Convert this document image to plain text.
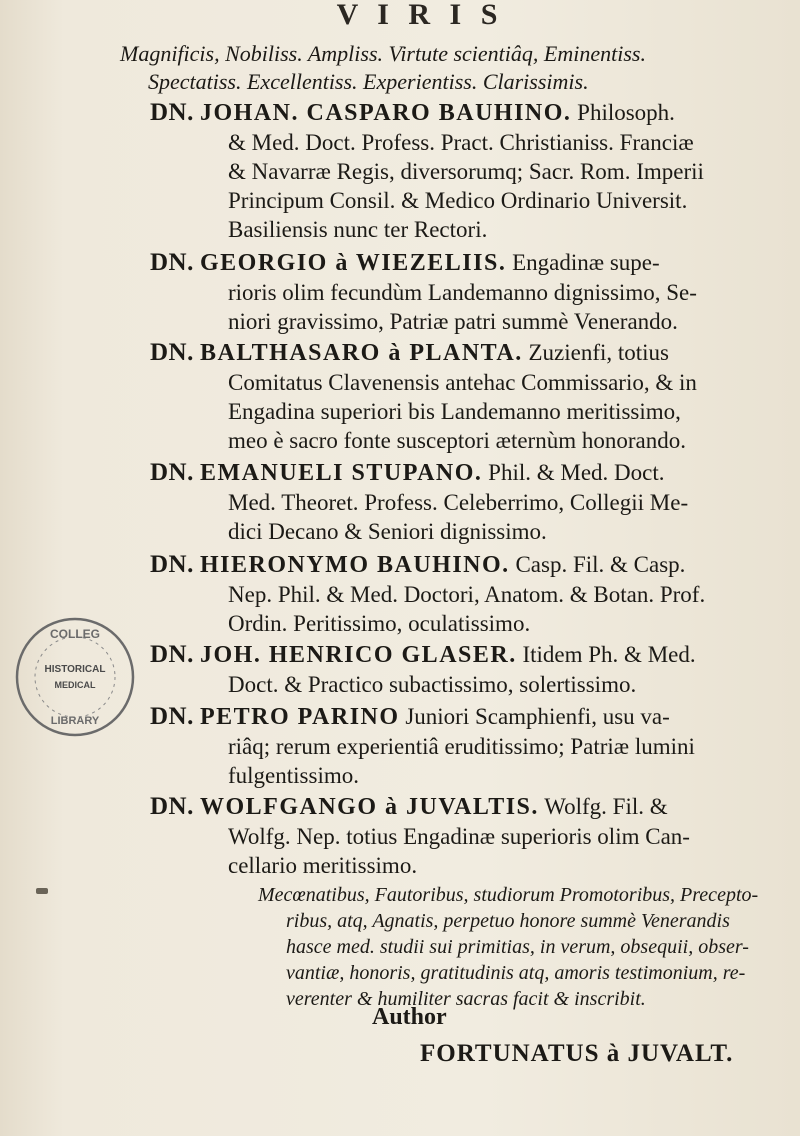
V I R I S
Magnificis, Nobiliss. Ampliss. Virtute scientiâq, Eminentiss.
Spectatiss. Excellentiss. Experientiss. Clarissimis.
DN. JOHAN. CASPARO BAUHINO. Philosoph.
& Med. Doct. Profess. Pract. Christianiss. Franciæ
& Navarræ Regis, diversorumq; Sacr. Rom. Imperii
Principum Consil. & Medico Ordinario Universit.
Basiliensis nunc ter Rectori.
DN. GEORGIO à WIEZELIIS. Engadinæ supe-
rioris olim fecundùm Landemanno dignissimo, Se-
niori gravissimo, Patriæ patri summè Venerando.
DN. BALTHASARO à PLANTA. Zuzienfi, totius
Comitatus Clavenensis antehac Commissario, & in
Engadina superiori bis Landemanno meritissimo,
meo è sacro fonte susceptori æternùm honorando.
DN. EMANUELI STUPANO. Phil. & Med. Doct.
Med. Theoret. Profess. Celeberrimo, Collegii Me-
dici Decano & Seniori dignissimo.
DN. HIERONYMO BAUHINO. Casp. Fil. & Casp.
Nep. Phil. & Med. Doctori, Anatom. & Botan. Prof.
Ordin. Peritissimo, oculatissimo.
DN. JOH. HENRICO GLASER. Itidem Ph. & Med.
Doct. & Practico subactissimo, solertissimo.
DN. PETRO PARINO Juniori Scamphienfi, usu va-
riâq; rerum experientiâ eruditissimo; Patriæ lumini
fulgentissimo.
DN. WOLFGANGO à JUVALTIS. Wolfg. Fil. &
Wolfg. Nep. totius Engadinæ superioris olim Can-
cellario meritissimo.
Mecœnatibus, Fautoribus, studiorum Promotoribus, Precepto-
ribus, atq, Agnatis, perpetuo honore summè Venerandis
hasce med. studii sui primitias, in verum, obsequii, obser-
vantiæ, honoris, gratitudinis atq, amoris testimonium, re-
verenter & humiliter sacras facit & inscribit.
Author
FORTUNATUS à JUVALT.
COLLEG
HISTORICAL
MEDICAL
LIBRARY
